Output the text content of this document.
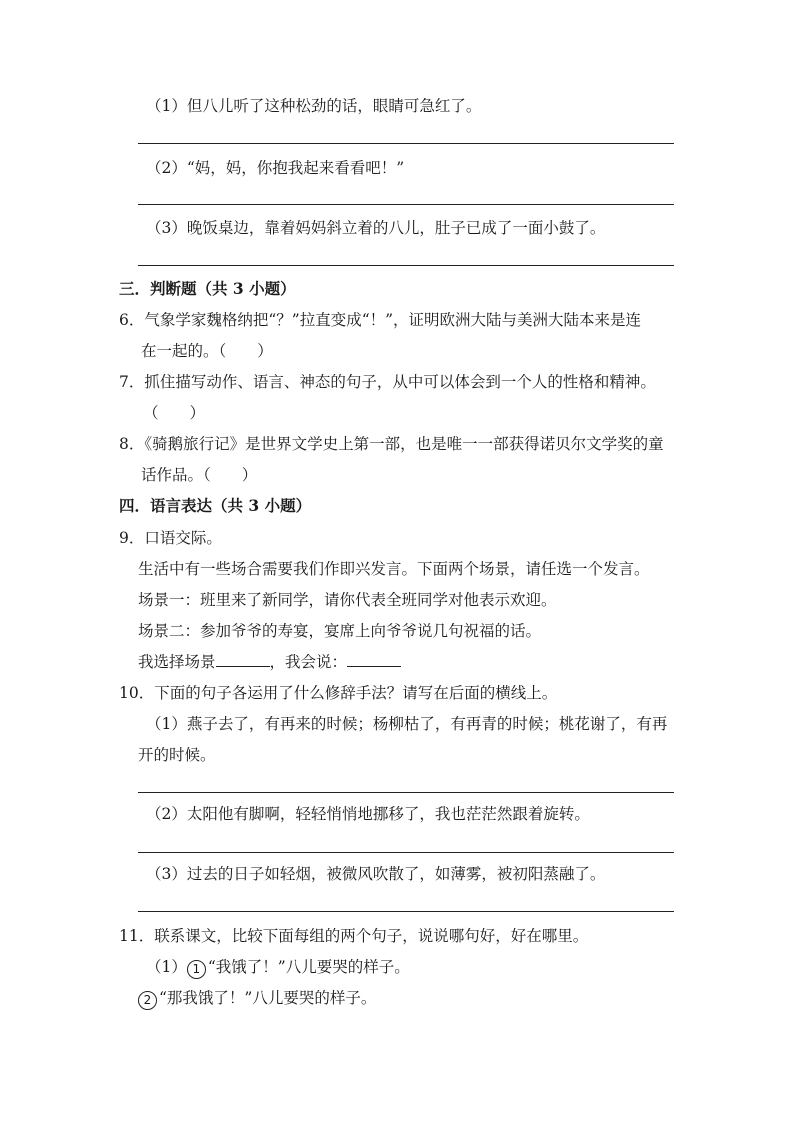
（1）但八儿听了这种松劲的话，眼睛可急红了。
（2）“妈，妈，你抱我起来看看吧！”
（3）晚饭桌边，靠着妈妈斜立着的八儿，肚子已成了一面小鼓了。
三．判断题（共 3 小题）
6．气象学家魏格纳把“？”拉直变成“！”，证明欧洲大陆与美洲大陆本来是连
在一起的。（　　）
7．抓住描写动作、语言、神态的句子，从中可以体会到一个人的性格和精神。
（　　）
8．《骑鹅旅行记》是世界文学史上第一部，也是唯一一部获得诺贝尔文学奖的童
话作品。（　　）
四．语言表达（共 3 小题）
9．口语交际。
生活中有一些场合需要我们作即兴发言。下面两个场景，请任选一个发言。
场景一：班里来了新同学，请你代表全班同学对他表示欢迎。
场景二：参加爷爷的寿宴，宴席上向爷爷说几句祝福的话。
我选择场景	，我会说：
10．下面的句子各运用了什么修辞手法？请写在后面的横线上。
（1）燕子去了，有再来的时候；杨柳枯了，有再青的时候；桃花谢了，有再
开的时候。
（2）太阳他有脚啊，轻轻悄悄地挪移了，我也茫茫然跟着旋转。
（3）过去的日子如轻烟，被微风吹散了，如薄雾，被初阳蒸融了。
11．联系课文，比较下面每组的两个句子，说说哪句好，好在哪里。
（1） 1 “我饿了！”八儿要哭的样子。
2 “那我饿了！”八儿要哭的样子。
